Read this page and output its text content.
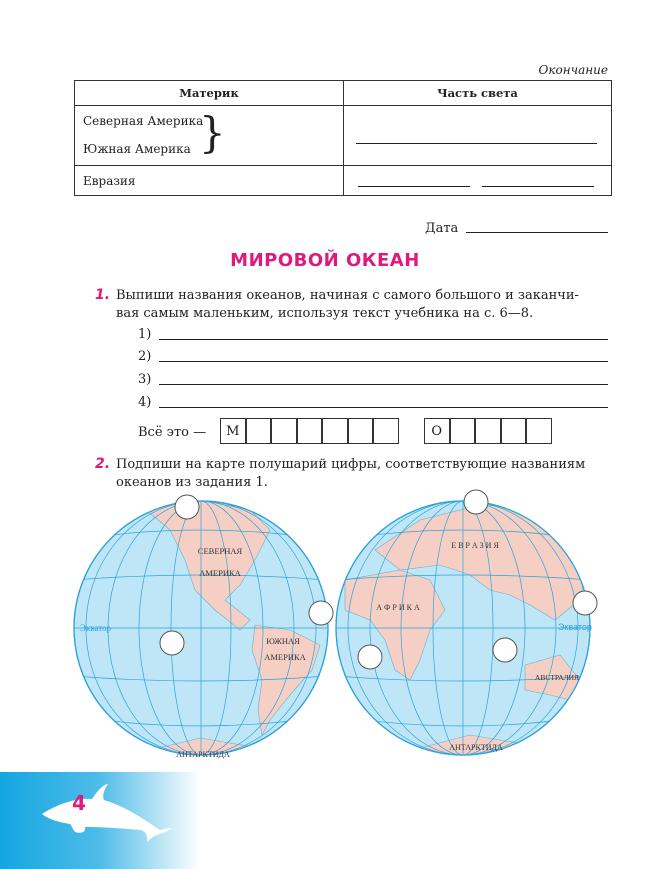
Окончание
Материк	Часть света

Северная Америка
Южная Америка }	

Евразия	
Дата
МИРОВОЙ ОКЕАН
1. Выпиши названия океанов, начиная с самого большого и заканчи-
вая самым маленьким, используя текст учебника на с. 6—8.
1)
2)
3)
4)
Всё это —	М	О
2. Подпиши на карте полушарий цифры, соответствующие названиям
океанов из задания 1.
Экватор
СЕВЕРНАЯ
АМЕРИКА
ЮЖНАЯ
АМЕРИКА
АНТАРКТИДА
Экватор
Е В Р А З И Я
А Ф Р И К А
АВСТРАЛИЯ
АНТАРКТИДА
4
